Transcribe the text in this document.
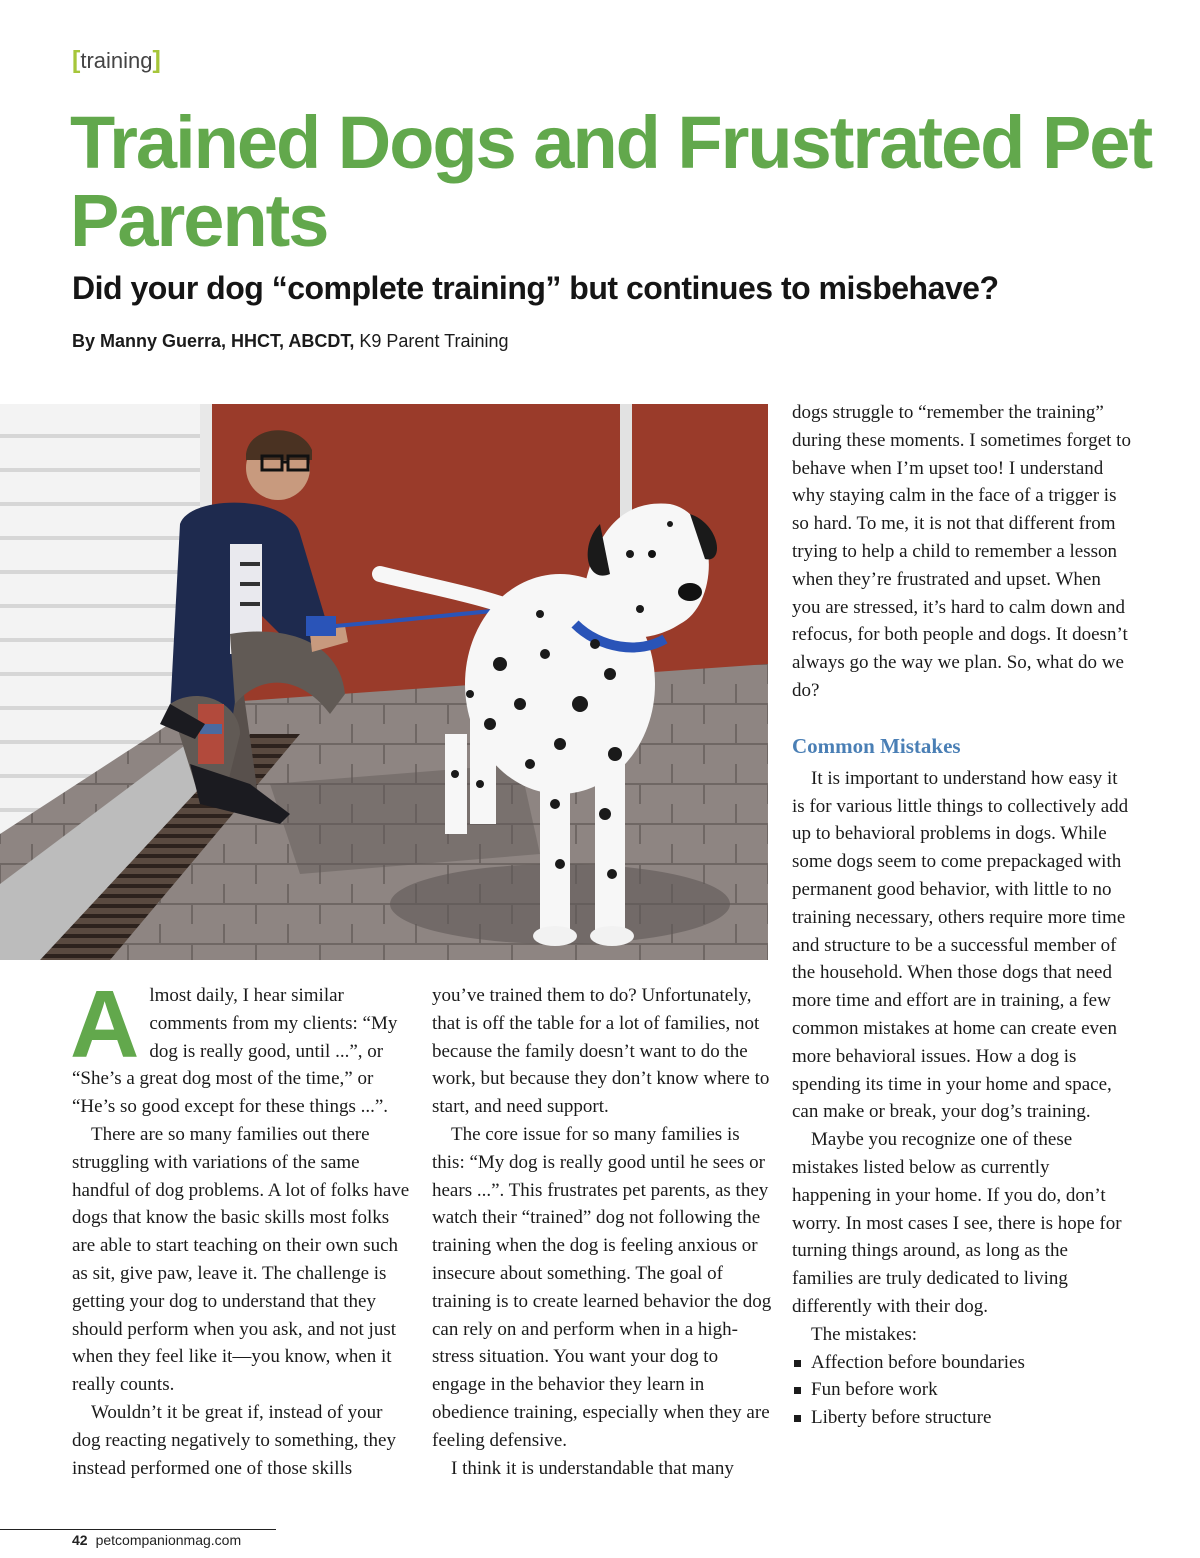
[training]
Trained Dogs and Frustrated Pet Parents
Did your dog “complete training” but continues to misbehave?
By Manny Guerra, HHCT, ABCDT, K9 Parent Training
A lmost daily, I hear similar comments from my clients: “My dog is really good, until ...”, or “She’s a great dog most of the time,” or “He’s so good except for these things ...”.

There are so many families out there struggling with variations of the same handful of dog problems. A lot of folks have dogs that know the basic skills most folks are able to start teaching on their own such as sit, give paw, leave it. The challenge is getting your dog to understand that they should perform when you ask, and not just when they feel like it—you know, when it really counts.

Wouldn’t it be great if, instead of your dog reacting negatively to something, they instead performed one of those skills

you’ve trained them to do? Unfortunately, that is off the table for a lot of families, not because the family doesn’t want to do the work, but because they don’t know where to start, and need support.

The core issue for so many families is this: “My dog is really good until he sees or hears ...”. This frustrates pet parents, as they watch their “trained” dog not following the training when the dog is feeling anxious or insecure about something. The goal of training is to create learned behavior the dog can rely on and perform when in a high-stress situation. You want your dog to engage in the behavior they learn in obedience training, especially when they are feeling defensive.

I think it is understandable that many

dogs struggle to “remember the training” during these moments. I sometimes forget to behave when I’m upset too! I understand why staying calm in the face of a trigger is so hard. To me, it is not that different from trying to help a child to remember a lesson when they’re frustrated and upset. When you are stressed, it’s hard to calm down and refocus, for both people and dogs. It doesn’t always go the way we plan. So, what do we do?

Common Mistakes

It is important to understand how easy it is for various little things to collectively add up to behavioral problems in dogs. While some dogs seem to come prepackaged with permanent good behavior, with little to no training necessary, others require more time and structure to be a successful member of the household. When those dogs that need more time and effort are in training, a few common mistakes at home can create even more behavioral issues. How a dog is spending its time in your home and space, can make or break, your dog’s training.

Maybe you recognize one of these mistakes listed below as currently happening in your home. If you do, don’t worry. In most cases I see, there is hope for turning things around, as long as the families are truly dedicated to living differently with their dog.

The mistakes:

Affection before boundaries
Fun before work
Liberty before structure
42 petcompanionmag.com
